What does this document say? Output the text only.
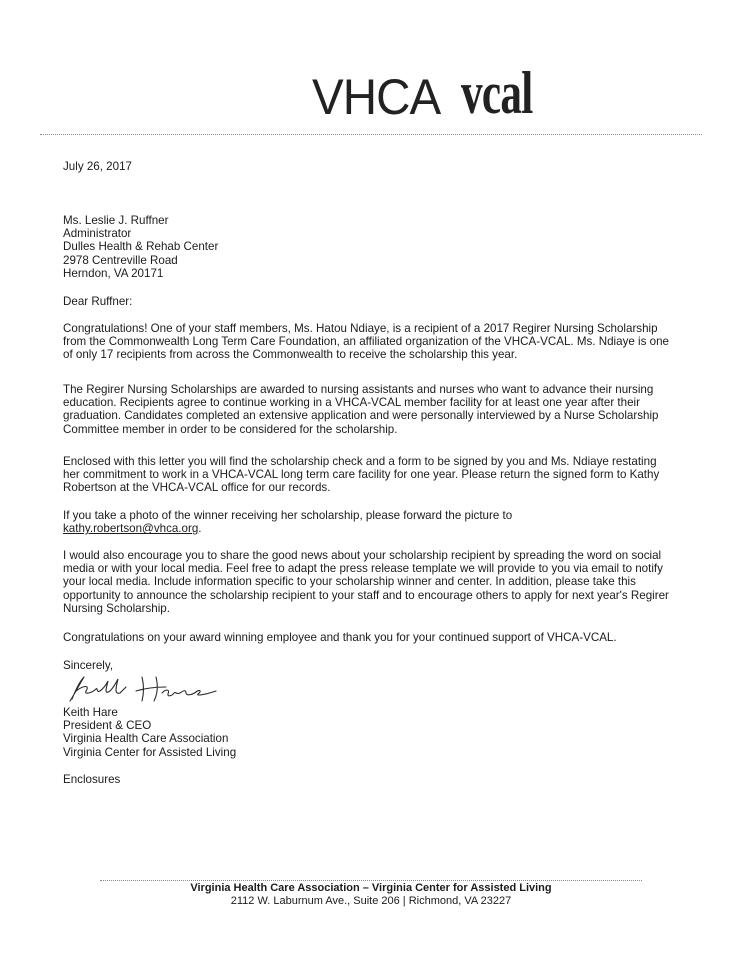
VHCA vcal
July 26, 2017
Ms. Leslie J. Ruffner
Administrator
Dulles Health & Rehab Center
2978 Centreville Road
Herndon, VA 20171
Dear Ruffner:

Congratulations! One of your staff members, Ms. Hatou Ndiaye, is a recipient of a 2017 Regirer Nursing Scholarship from the Commonwealth Long Term Care Foundation, an affiliated organization of the VHCA-VCAL. Ms. Ndiaye is one of only 17 recipients from across the Commonwealth to receive the scholarship this year.

The Regirer Nursing Scholarships are awarded to nursing assistants and nurses who want to advance their nursing education. Recipients agree to continue working in a VHCA-VCAL member facility for at least one year after their graduation. Candidates completed an extensive application and were personally interviewed by a Nurse Scholarship Committee member in order to be considered for the scholarship.

Enclosed with this letter you will find the scholarship check and a form to be signed by you and Ms. Ndiaye restating her commitment to work in a VHCA-VCAL long term care facility for one year. Please return the signed form to Kathy Robertson at the VHCA-VCAL office for our records.

If you take a photo of the winner receiving her scholarship, please forward the picture to
kathy.robertson@vhca.org.

I would also encourage you to share the good news about your scholarship recipient by spreading the word on social media or with your local media. Feel free to adapt the press release template we will provide to you via email to notify your local media. Include information specific to your scholarship winner and center. In addition, please take this opportunity to announce the scholarship recipient to your staff and to encourage others to apply for next year's Regirer Nursing Scholarship.

Congratulations on your award winning employee and thank you for your continued support of VHCA-VCAL.

Sincerely,
Keith Hare
President & CEO
Virginia Health Care Association
Virginia Center for Assisted Living
Enclosures
Virginia Health Care Association – Virginia Center for Assisted Living
2112 W. Laburnum Ave., Suite 206 | Richmond, VA 23227
